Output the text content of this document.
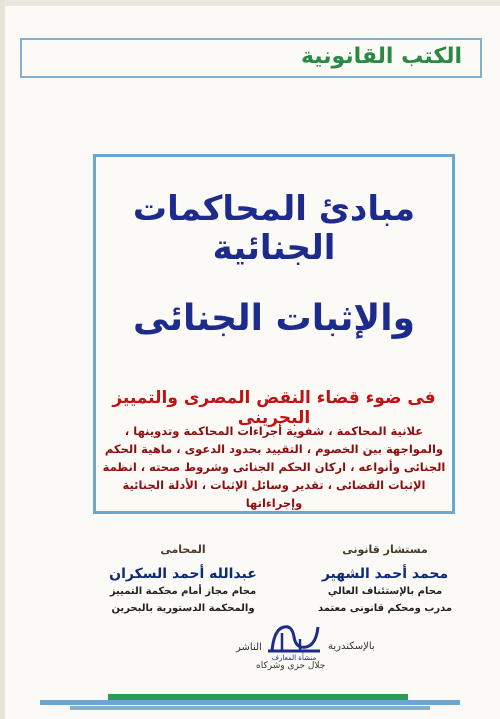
الكتب القانونية
مبادئ المحاكمات الجنائية
والإثبات الجنائى
فى ضوء قضاء النقض المصرى والتمييز البحرينى
علانية المحاكمة ، شفوية أجراءات المحاكمة وتدوينها ، والمواجهة بين الخصوم ، التقييد بحدود الدعوى ، ماهية الحكم الجنائى وأنواعه ، اركان الحكم الجنائى وشروط صحته ، انظمة الإثبات القضائى ، تقدير وسائل الإثبات ، الأدلة الجنائية وإجراءاتها
مستشار قانونى
محمد أحمد الشهير
محام بالإستئناف العالي
مدرب ومحكم قانونى معتمد
المحامى
عبدالله أحمد السكران
محام مجاز أمام محكمة التمييز
والمحكمة الدستورية بالبحرين
الناشر
منشأة المعارف
بالإسكندرية
جلال حزى وشركاه
